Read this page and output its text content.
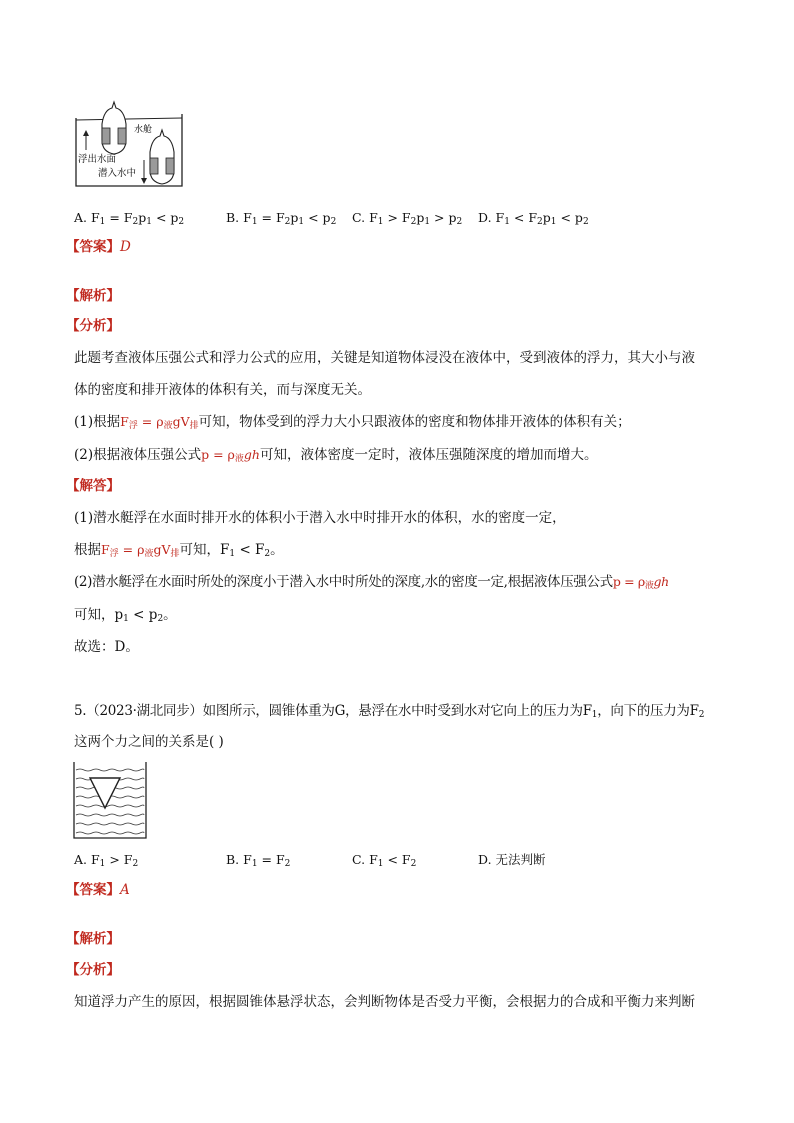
水舱
浮出水面
潜入水中
A. $F_1 = F_2p_1 < p_2$	B. $F_1 = F_2p_1 < p_2$ C. $F_1 > F_2p_1 > p_2$ D. $F_1 < F_2p_1 < p_2$
【答案】D
【解析】
【分析】
此题考查液体压强公式和浮力公式的应用，关键是知道物体浸没在液体中，受到液体的浮力，其大小与液
体的密度和排开液体的体积有关，而与深度无关。
(1)根据$F_浮 = \rho_液gV_排$可知，物体受到的浮力大小只跟液体的密度和物体排开液体的体积有关；
(2)根据液体压强公式$p = \rho_液gh$可知，液体密度一定时，液体压强随深度的增加而增大。
【解答】
(1)潜水艇浮在水面时排开水的体积小于潜入水中时排开水的体积，水的密度一定，
根据$F_浮 = \rho_液gV_排$可知，$F_1 < F_2$。
(2)潜水艇浮在水面时所处的深度小于潜入水中时所处的深度,水的密度一定,根据液体压强公式$p = \rho_液gh$
可知，$p_1 < p_2$。
故选：D。
5.（2023·湖北同步）如图所示，圆锥体重为G，悬浮在水中时受到水对它向上的压力为$F_1$，向下的压力为$F_2$
这两个力之间的关系是( )
A. $F_1 > F_2$	B. $F_1 = F_2$	C. $F_1 < F_2$	D. 无法判断
【答案】A
【解析】
【分析】
知道浮力产生的原因，根据圆锥体悬浮状态，会判断物体是否受力平衡，会根据力的合成和平衡力来判断
